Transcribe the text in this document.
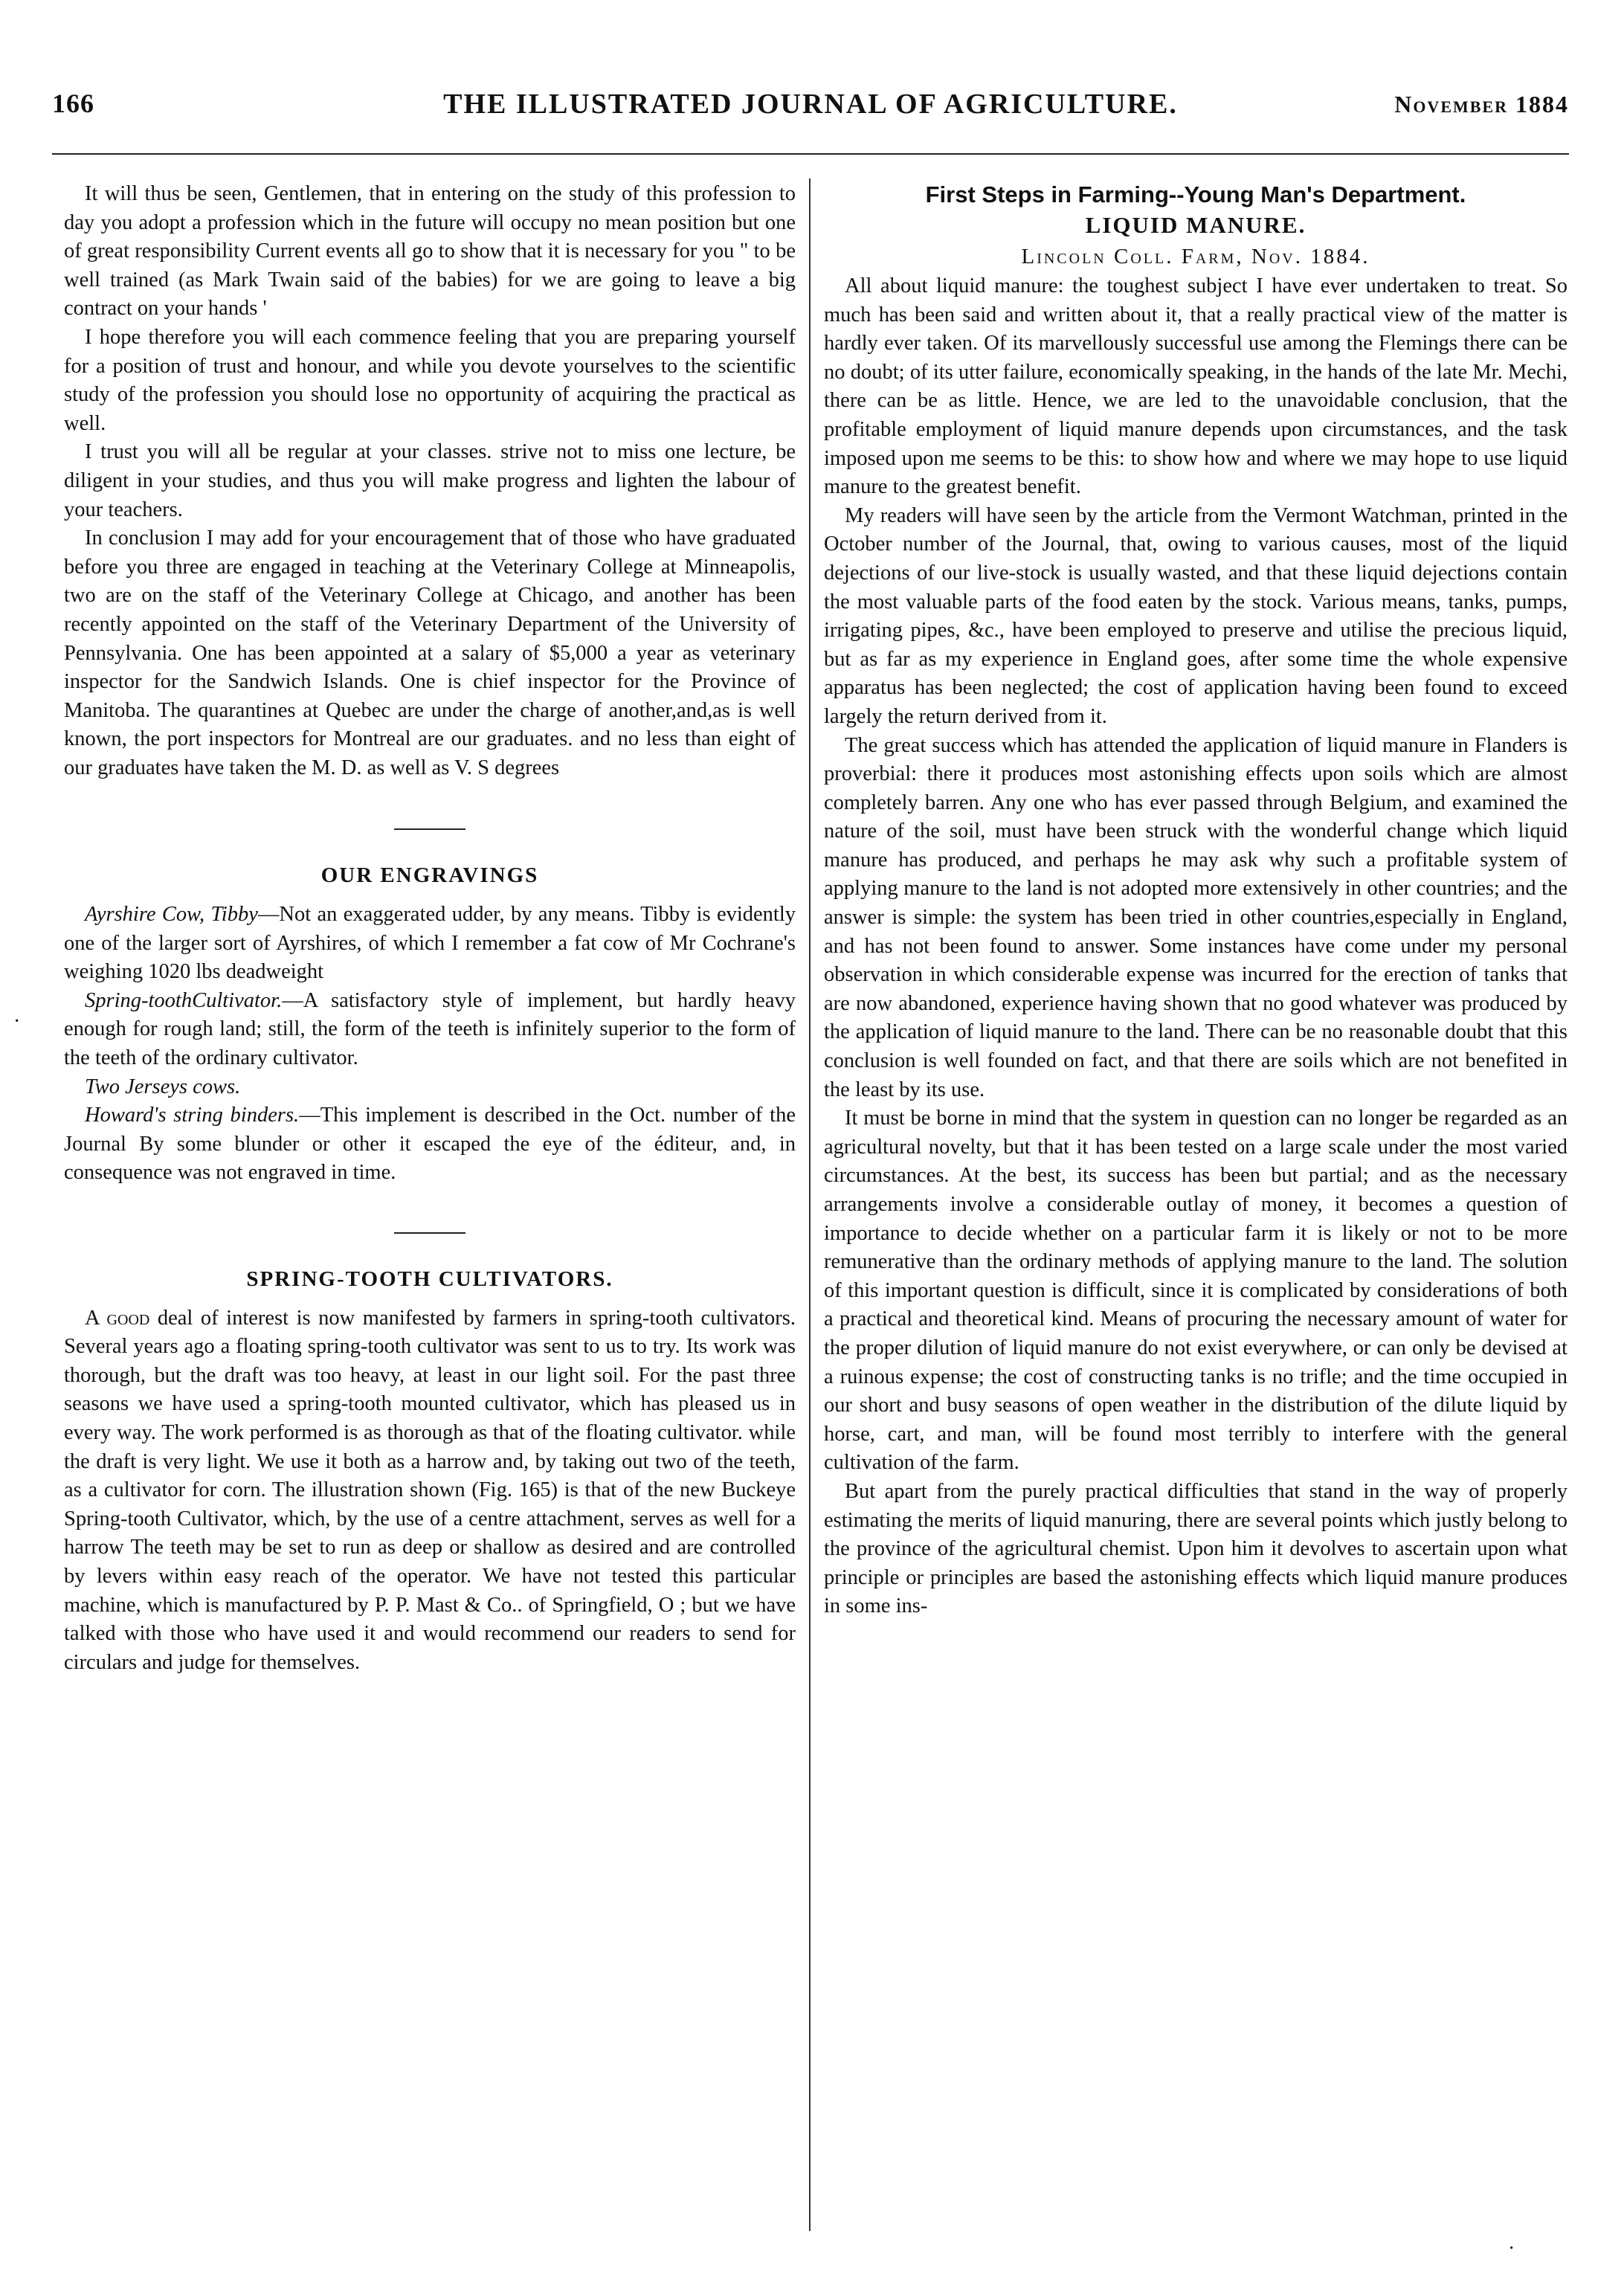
166	THE ILLUSTRATED JOURNAL OF AGRICULTURE.	November 1884
·
·

It will thus be seen, Gentlemen, that in entering on the study of this profession to day you adopt a profession which in the future will occupy no mean position but one of great responsibility Current events all go to show that it is necessary for you " to be well trained (as Mark Twain said of the babies) for we are going to leave a big contract on your hands '

I hope therefore you will each commence feeling that you are preparing yourself for a position of trust and honour, and while you devote yourselves to the scientific study of the profession you should lose no opportunity of acquiring the practical as well.

I trust you will all be regular at your classes. strive not to miss one lecture, be diligent in your studies, and thus you will make progress and lighten the labour of your teachers.

In conclusion I may add for your encouragement that of those who have graduated before you three are engaged in teaching at the Veterinary College at Minneapolis, two are on the staff of the Veterinary College at Chicago, and another has been recently appointed on the staff of the Veterinary Department of the University of Pennsylvania. One has been appointed at a salary of $5,000 a year as veterinary inspector for the Sandwich Islands. One is chief inspector for the Province of Manitoba. The quarantines at Quebec are under the charge of another,and,as is well known, the port inspectors for Montreal are our graduates. and no less than eight of our graduates have taken the M. D. as well as V. S degrees

OUR ENGRAVINGS

Ayrshire Cow, Tibby—Not an exaggerated udder, by any means. Tibby is evidently one of the larger sort of Ayrshires, of which I remember a fat cow of Mr Cochrane's weighing 1020 lbs deadweight

Spring-toothCultivator.—A satisfactory style of implement, but hardly heavy enough for rough land; still, the form of the teeth is infinitely superior to the form of the teeth of the ordinary cultivator.

Two Jerseys cows.

Howard's string binders.—This implement is described in the Oct. number of the Journal By some blunder or other it escaped the eye of the éditeur, and, in consequence was not engraved in time.

SPRING-TOOTH CULTIVATORS.

A good deal of interest is now manifested by farmers in spring-tooth cultivators. Several years ago a floating spring-tooth cultivator was sent to us to try. Its work was thorough, but the draft was too heavy, at least in our light soil. For the past three seasons we have used a spring-tooth mounted cultivator, which has pleased us in every way. The work performed is as thorough as that of the floating cultivator. while the draft is very light. We use it both as a harrow and, by taking out two of the teeth, as a cultivator for corn. The illustration shown (Fig. 165) is that of the new Buckeye Spring-tooth Cultivator, which, by the use of a centre attachment, serves as well for a harrow The teeth may be set to run as deep or shallow as desired and are controlled by levers within easy reach of the operator. We have not tested this particular machine, which is manufactured by P. P. Mast & Co.. of Springfield, O ; but we have talked with those who have used it and would recommend our readers to send for circulars and judge for themselves.

First Steps in Farming--Young Man's Department.
LIQUID MANURE.
Lincoln Coll. Farm, Nov. 1884.

All about liquid manure: the toughest subject I have ever undertaken to treat. So much has been said and written about it, that a really practical view of the matter is hardly ever taken. Of its marvellously successful use among the Flemings there can be no doubt; of its utter failure, economically speaking, in the hands of the late Mr. Mechi, there can be as little. Hence, we are led to the unavoidable conclusion, that the profitable employment of liquid manure depends upon circumstances, and the task imposed upon me seems to be this: to show how and where we may hope to use liquid manure to the greatest benefit.

My readers will have seen by the article from the Vermont Watchman, printed in the October number of the Journal, that, owing to various causes, most of the liquid dejections of our live-stock is usually wasted, and that these liquid dejections contain the most valuable parts of the food eaten by the stock. Various means, tanks, pumps, irrigating pipes, &c., have been employed to preserve and utilise the precious liquid, but as far as my experience in England goes, after some time the whole expensive apparatus has been neglected; the cost of application having been found to exceed largely the return derived from it.

The great success which has attended the application of liquid manure in Flanders is proverbial: there it produces most astonishing effects upon soils which are almost completely barren. Any one who has ever passed through Belgium, and examined the nature of the soil, must have been struck with the wonderful change which liquid manure has produced, and perhaps he may ask why such a profitable system of applying manure to the land is not adopted more extensively in other countries; and the answer is simple: the system has been tried in other countries,especially in England, and has not been found to answer. Some instances have come under my personal observation in which considerable expense was incurred for the erection of tanks that are now abandoned, experience having shown that no good whatever was produced by the application of liquid manure to the land. There can be no reasonable doubt that this conclusion is well founded on fact, and that there are soils which are not benefited in the least by its use.

It must be borne in mind that the system in question can no longer be regarded as an agricultural novelty, but that it has been tested on a large scale under the most varied circumstances. At the best, its success has been but partial; and as the necessary arrangements involve a considerable outlay of money, it becomes a question of importance to decide whether on a particular farm it is likely or not to be more remunerative than the ordinary methods of applying manure to the land. The solution of this important question is difficult, since it is complicated by considerations of both a practical and theoretical kind. Means of procuring the necessary amount of water for the proper dilution of liquid manure do not exist everywhere, or can only be devised at a ruinous expense; the cost of constructing tanks is no trifle; and the time occupied in our short and busy seasons of open weather in the distribution of the dilute liquid by horse, cart, and man, will be found most terribly to interfere with the general cultivation of the farm.

But apart from the purely practical difficulties that stand in the way of properly estimating the merits of liquid manuring, there are several points which justly belong to the province of the agricultural chemist. Upon him it devolves to ascertain upon what principle or principles are based the astonishing effects which liquid manure produces in some ins-
